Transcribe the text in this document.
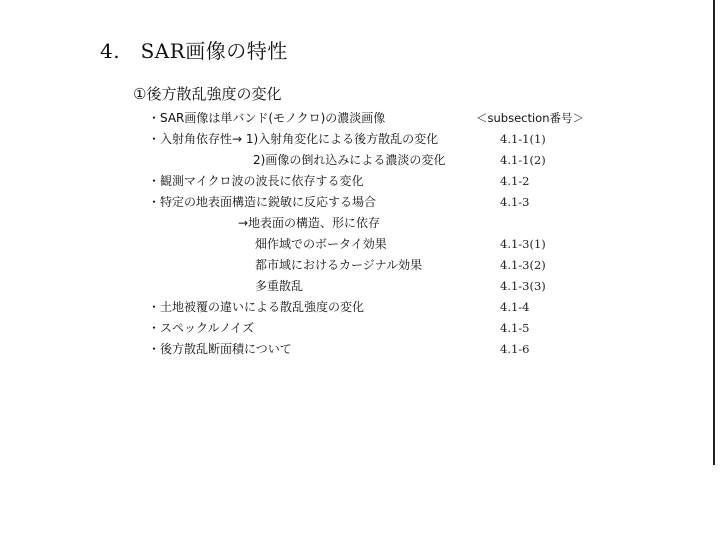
4.　SAR画像の特性
①後方散乱強度の変化
・SAR画像は単バンド(モノクロ)の濃淡画像	＜subsection番号＞
・入射角依存性→ 1)入射角変化による後方散乱の変化	4.1-1(1)
2)画像の倒れ込みによる濃淡の変化	4.1-1(2)
・観測マイクロ波の波長に依存する変化	4.1-2
・特定の地表面構造に鋭敏に反応する場合	4.1-3
→地表面の構造、形に依存
畑作域でのボータイ効果	4.1-3(1)
都市域におけるカージナル効果	4.1-3(2)
多重散乱	4.1-3(3)
・土地被覆の違いによる散乱強度の変化	4.1-4
・スペックルノイズ	4.1-5
・後方散乱断面積について	4.1-6
